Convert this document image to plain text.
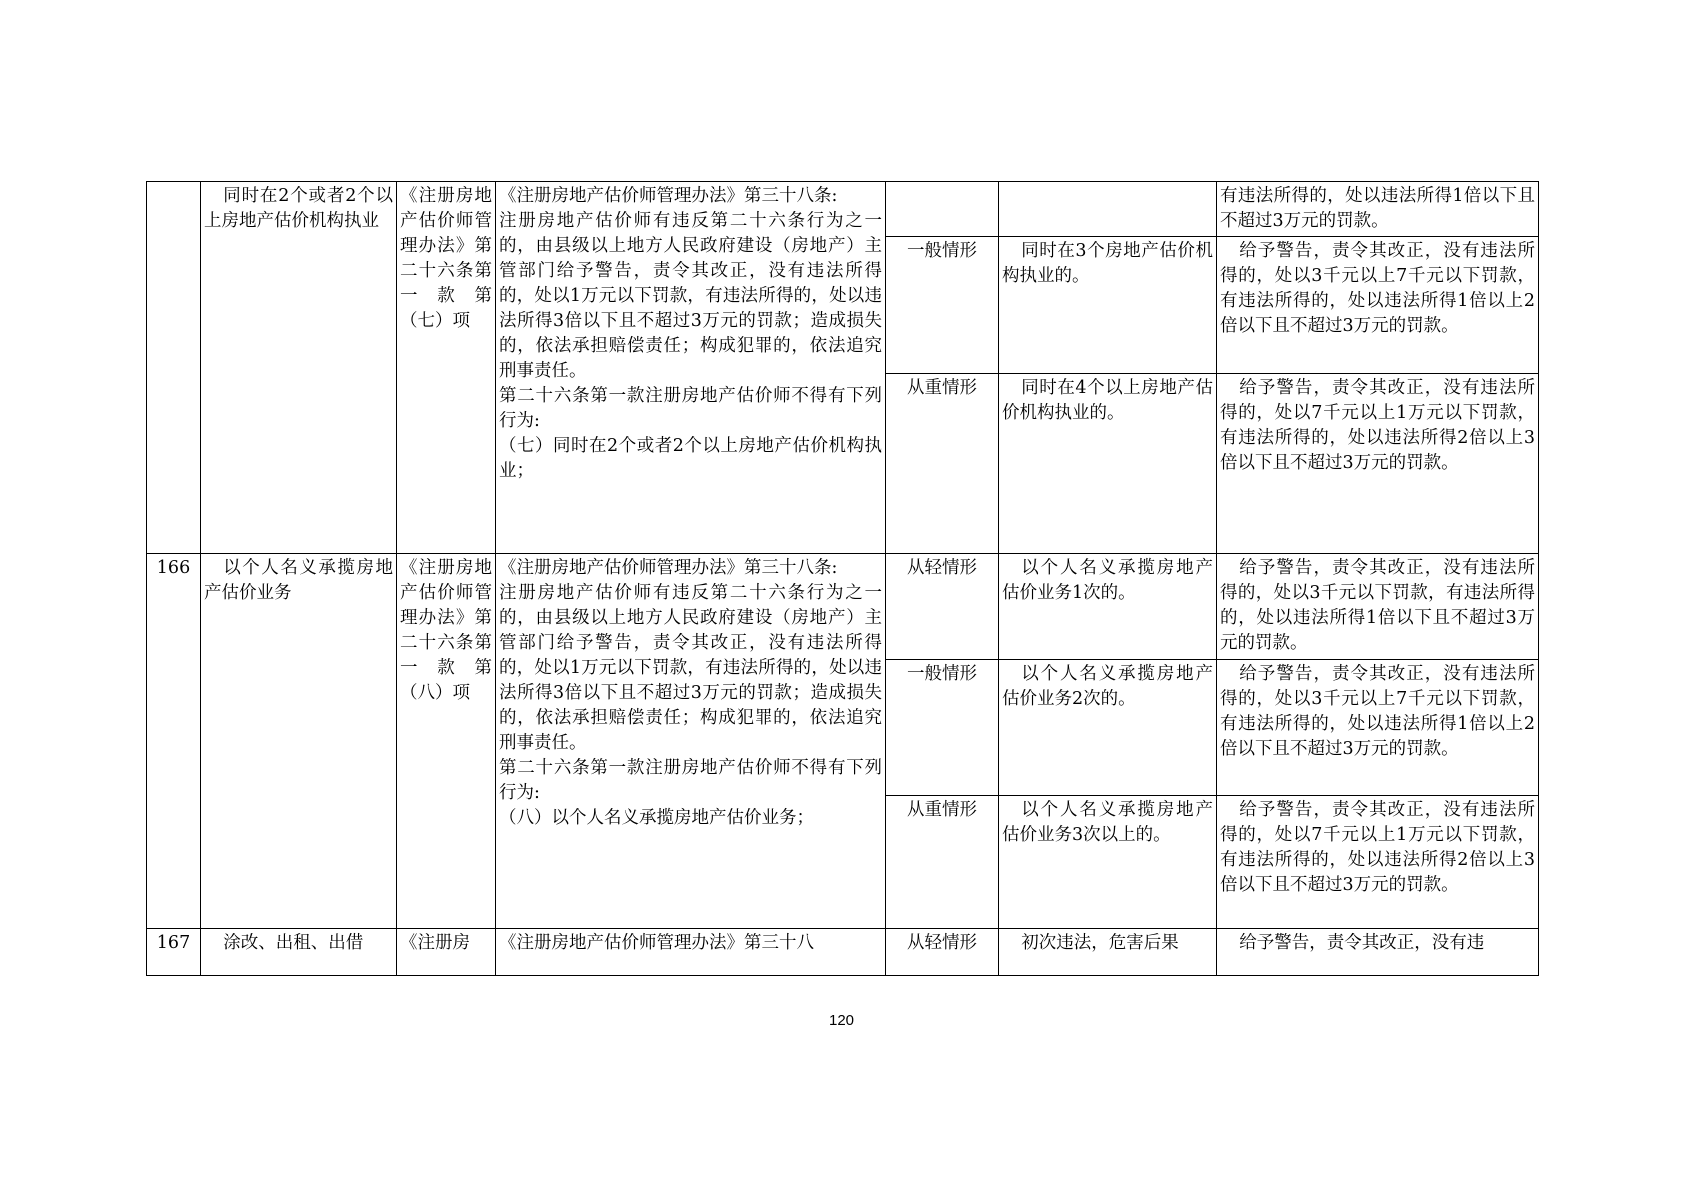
	同时在2个或者2个以上房地产估价机构执业	《注册房地产估价师管理办法》第二十六条第一款第（七）项	《注册房地产估价师管理办法》第三十八条:
注册房地产估价师有违反第二十六条行为之一的，由县级以上地方人民政府建设（房地产）主管部门给予警告，责令其改正，没有违法所得的，处以1万元以下罚款，有违法所得的，处以违法所得3倍以下且不超过3万元的罚款；造成损失的，依法承担赔偿责任；构成犯罪的，依法追究刑事责任。
第二十六条第一款注册房地产估价师不得有下列行为:
（七）同时在2个或者2个以上房地产估价机构执业；			有违法所得的，处以违法所得1倍以下且不超过3万元的罚款。
				一般情形	同时在3个房地产估价机构执业的。	给予警告，责令其改正，没有违法所得的，处以3千元以上7千元以下罚款，有违法所得的，处以违法所得1倍以上2倍以下且不超过3万元的罚款。
				从重情形	同时在4个以上房地产估价机构执业的。	给予警告，责令其改正，没有违法所得的，处以7千元以上1万元以下罚款，有违法所得的，处以违法所得2倍以上3倍以下且不超过3万元的罚款。
166	以个人名义承揽房地产估价业务	《注册房地产估价师管理办法》第二十六条第一款第（八）项	《注册房地产估价师管理办法》第三十八条:
注册房地产估价师有违反第二十六条行为之一的，由县级以上地方人民政府建设（房地产）主管部门给予警告，责令其改正，没有违法所得的，处以1万元以下罚款，有违法所得的，处以违法所得3倍以下且不超过3万元的罚款；造成损失的，依法承担赔偿责任；构成犯罪的，依法追究刑事责任。
第二十六条第一款注册房地产估价师不得有下列行为:
（八）以个人名义承揽房地产估价业务；	从轻情形	以个人名义承揽房地产估价业务1次的。	给予警告，责令其改正，没有违法所得的，处以3千元以下罚款，有违法所得的，处以违法所得1倍以下且不超过3万元的罚款。
				一般情形	以个人名义承揽房地产估价业务2次的。	给予警告，责令其改正，没有违法所得的，处以3千元以上7千元以下罚款，有违法所得的，处以违法所得1倍以上2倍以下且不超过3万元的罚款。
				从重情形	以个人名义承揽房地产估价业务3次以上的。	给予警告，责令其改正，没有违法所得的，处以7千元以上1万元以下罚款，有违法所得的，处以违法所得2倍以上3倍以下且不超过3万元的罚款。
167	涂改、出租、出借	《注册房	《注册房地产估价师管理办法》第三十八	从轻情形	初次违法，危害后果	给予警告，责令其改正，没有违
120
